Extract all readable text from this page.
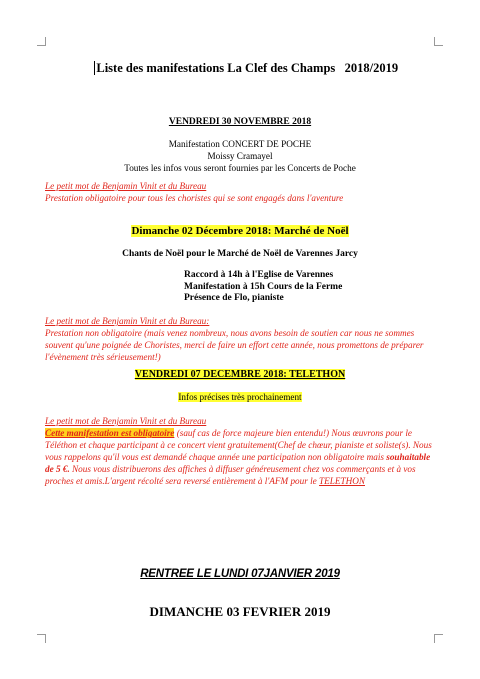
Liste des manifestations La Clef des Champs   2018/2019

VENDREDI 30 NOVEMBRE 2018
Manifestation CONCERT DE POCHE
Moissy Cramayel
Toutes les infos vous seront fournies par les Concerts de Poche
Le petit mot de Benjamin Vinit et du Bureau
Prestation obligatoire pour tous les choristes qui se sont engagés dans l'aventure
Dimanche 02 Décembre 2018: Marché de Noël
Chants de Noël pour le Marché de Noël de Varennes Jarcy
Raccord à 14h à l'Eglise de Varennes
Manifestation à 15h Cours de la Ferme
Présence de Flo, pianiste
Le petit mot de Benjamin Vinit et du Bureau:
Prestation non obligatoire (mais venez nombreux, nous avons besoin de soutien car nous ne sommes souvent qu'une poignée de Choristes, merci de faire un effort cette année, nous promettons de préparer l'évènement très sérieusement!)
VENDREDI 07 DECEMBRE 2018: TELETHON
Infos précises très prochainement
Le petit mot de Benjamin Vinit et du Bureau
Cette manifestation est obligatoire (sauf cas de force majeure bien entendu!) Nous œuvrons pour le Téléthon et chaque participant à ce concert vient gratuitement(Chef de chœur, pianiste et soliste(s). Nous vous rappelons qu'il vous est demandé chaque année une participation non obligatoire mais souhaitable de 5 €. Nous vous distribuerons des affiches à diffuser généreusement chez vos commerçants et à vos proches et amis.L'argent récolté sera reversé entièrement à l'AFM pour le TELETHON
RENTREE LE LUNDI 07JANVIER 2019
DIMANCHE 03 FEVRIER 2019
